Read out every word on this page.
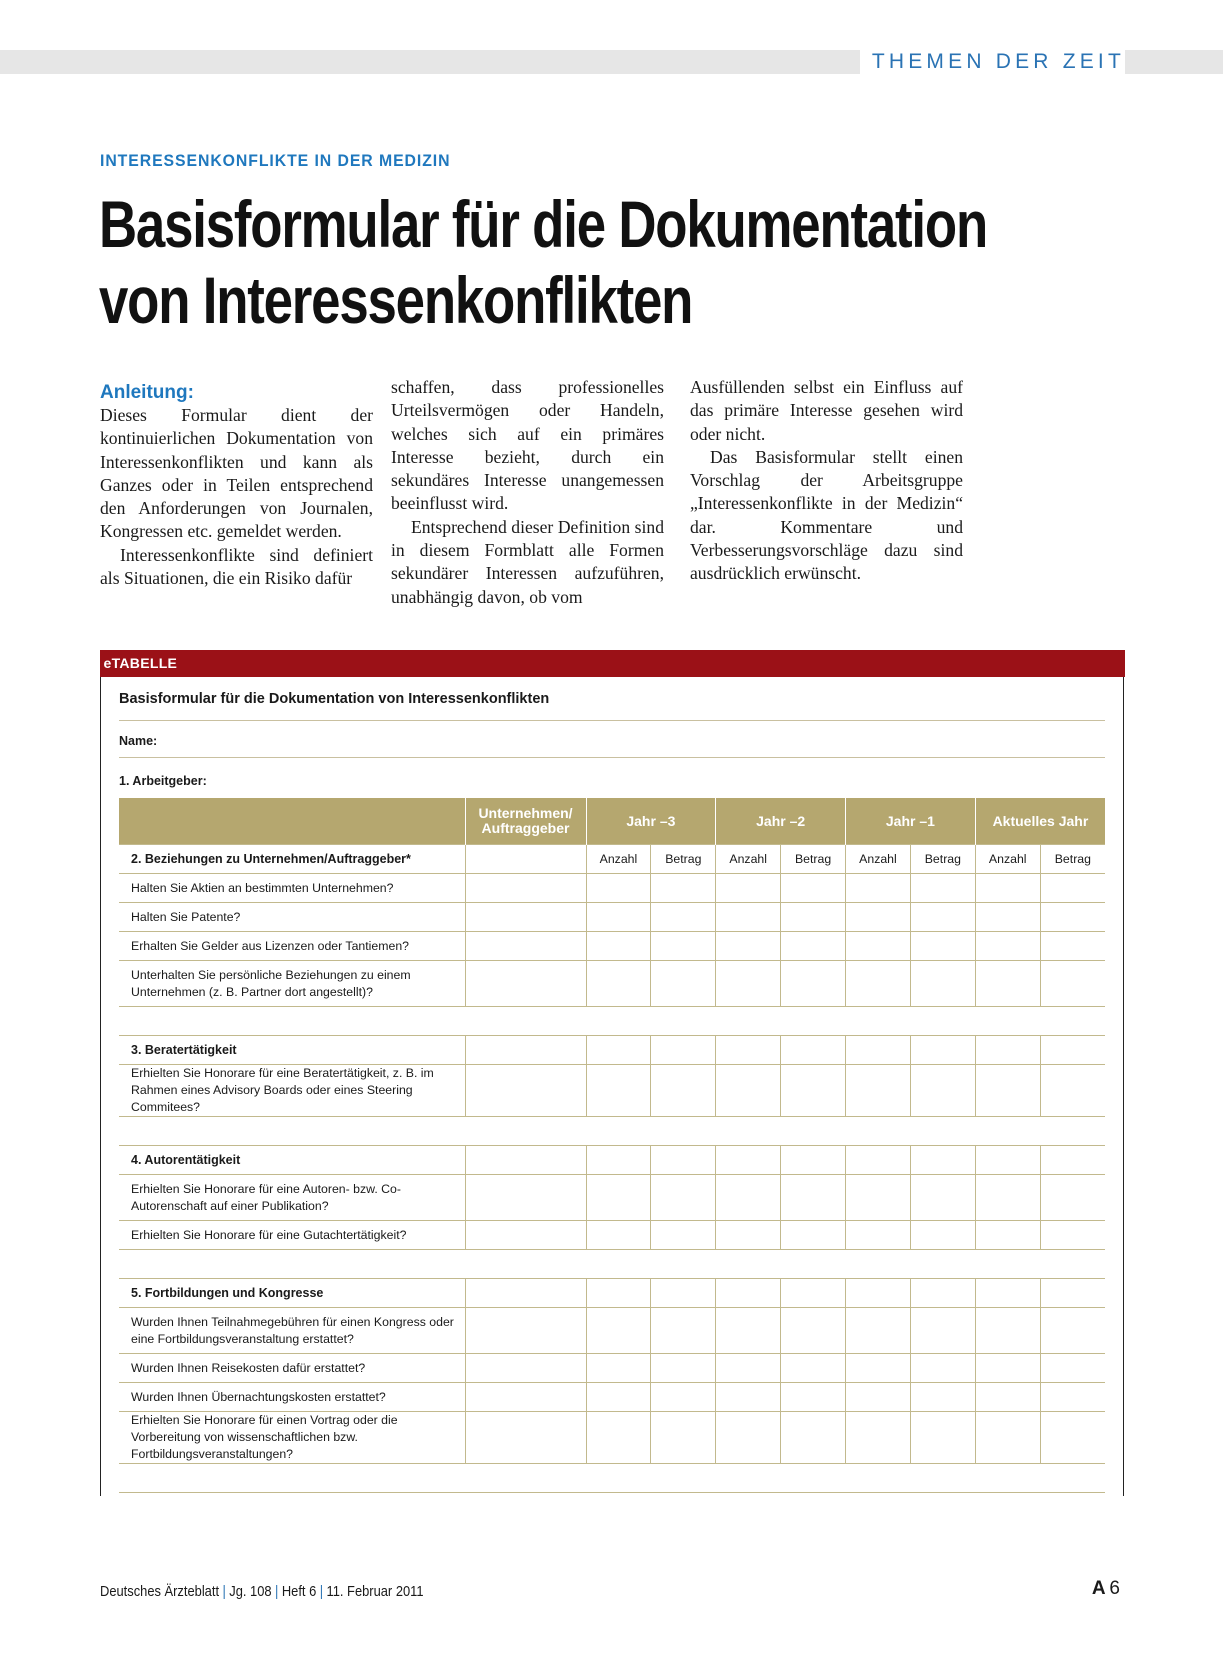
THEMEN DER ZEIT
INTERESSENKONFLIKTE IN DER MEDIZIN
Basisformular für die Dokumentation
von Interessenkonflikten
Anleitung:

Dieses Formular dient der kontinuierlichen Dokumentation von Interessenkonflikten und kann als Ganzes oder in Teilen entsprechend den Anforderungen von Journalen, Kongressen etc. gemeldet werden.

Interessenkonflikte sind definiert als Situationen, die ein Risiko dafür

schaffen, dass professionelles Urteilsvermögen oder Handeln, welches sich auf ein primäres Interesse bezieht, durch ein sekundäres Interesse unangemessen beeinflusst wird.

Entsprechend dieser Definition sind in diesem Formblatt alle Formen sekundärer Interessen aufzuführen, unabhängig davon, ob vom

Ausfüllenden selbst ein Einfluss auf das primäre Interesse gesehen wird oder nicht.

Das Basisformular stellt einen Vorschlag der Arbeitsgruppe „Interessenkonflikte in der Medizin“ dar. Kommentare und Verbesserungsvorschläge dazu sind ausdrücklich erwünscht.

eTABELLE
Basisformular für die Dokumentation von Interessenkonflikten
Name:
1. Arbeitgeber:
	Unternehmen/ Auftraggeber	Jahr –3		Jahr –2		Jahr –1		Aktuelles Jahr	
2. Beziehungen zu Unternehmen/Auftraggeber*		Anzahl	Betrag	Anzahl	Betrag	Anzahl	Betrag	Anzahl	Betrag
Halten Sie Aktien an bestimmten Unternehmen?									
Halten Sie Patente?									
Erhalten Sie Gelder aus Lizenzen oder Tantiemen?									
Unterhalten Sie persönliche Beziehungen zu einem Unternehmen (z. B. Partner dort angestellt)?									

3. Beratertätigkeit									
Erhielten Sie Honorare für eine Beratertätigkeit, z. B. im Rahmen eines Advisory Boards oder eines Steering Commitees?									

4. Autorentätigkeit									
Erhielten Sie Honorare für eine Autoren- bzw. Co-Autorenschaft auf einer Publikation?									
Erhielten Sie Honorare für eine Gutachtertätigkeit?									

5. Fortbildungen und Kongresse									
Wurden Ihnen Teilnahmegebühren für einen Kongress oder eine Fortbildungsveranstaltung erstattet?									
Wurden Ihnen Reisekosten dafür erstattet?									
Wurden Ihnen Übernachtungskosten erstattet?									
Erhielten Sie Honorare für einen Vortrag oder die Vorbereitung von wissenschaftlichen bzw. Fortbildungsveranstaltungen?									

Deutsches Ärzteblatt | Jg. 108 | Heft 6 | 11. Februar 2011	A  6
